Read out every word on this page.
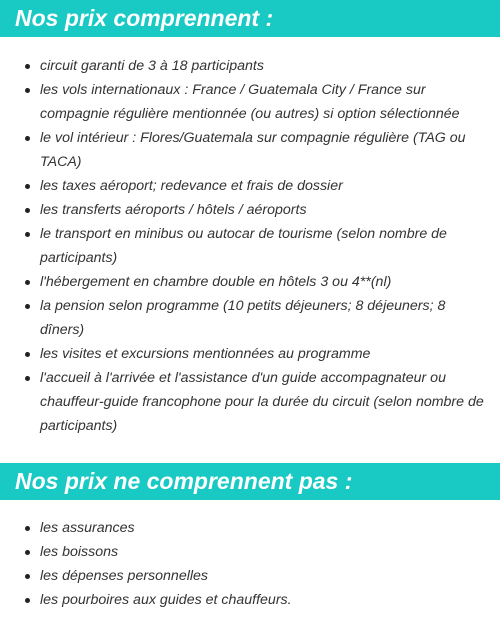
Nos prix comprennent :
circuit garanti de 3 à 18 participants
les vols internationaux : France / Guatemala City / France sur compagnie régulière mentionnée (ou autres) si option sélectionnée
le vol intérieur : Flores/Guatemala sur compagnie régulière (TAG ou TACA)
les taxes aéroport; redevance et frais de dossier
les transferts aéroports / hôtels / aéroports
le transport en minibus ou autocar de tourisme (selon nombre de participants)
l'hébergement en chambre double en hôtels 3 ou 4**(nl)
la pension selon programme (10 petits déjeuners; 8 déjeuners; 8 dîners)
les visites et excursions mentionnées au programme
l'accueil à l'arrivée et l'assistance d'un guide accompagnateur ou chauffeur-guide francophone pour la durée du circuit (selon nombre de participants)
Nos prix ne comprennent pas :
les assurances
les boissons
les dépenses personnelles
les pourboires aux guides et chauffeurs.
